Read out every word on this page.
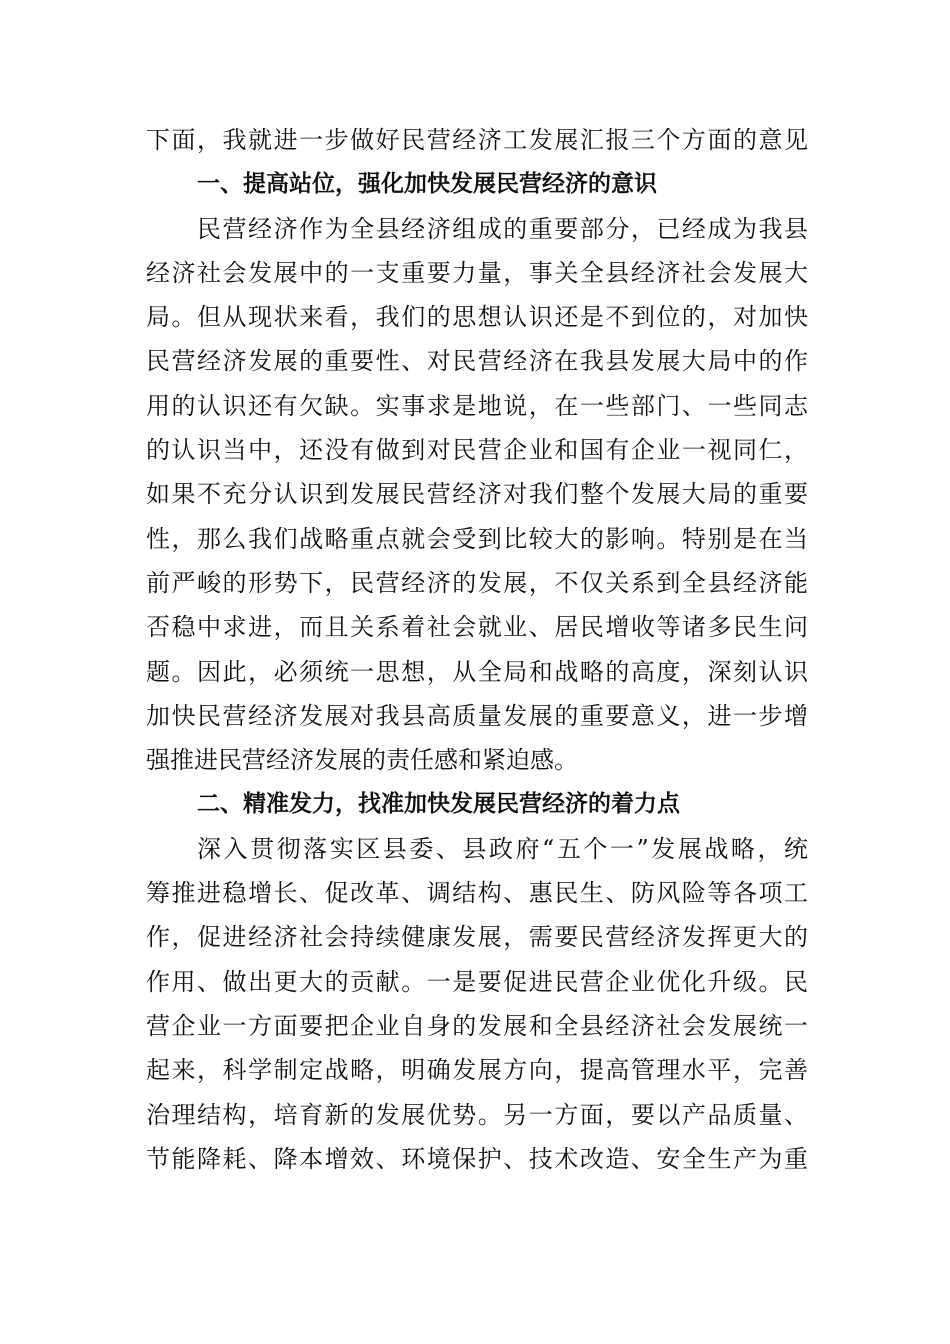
下面，我就进一步做好民营经济工发展汇报三个方面的意见
一、提高站位，强化加快发展民营经济的意识
民营经济作为全县经济组成的重要部分，已经成为我县
经济社会发展中的一支重要力量，事关全县经济社会发展大
局。但从现状来看，我们的思想认识还是不到位的，对加快
民营经济发展的重要性、对民营经济在我县发展大局中的作
用的认识还有欠缺。实事求是地说，在一些部门、一些同志
的认识当中，还没有做到对民营企业和国有企业一视同仁，
如果不充分认识到发展民营经济对我们整个发展大局的重要
性，那么我们战略重点就会受到比较大的影响。特别是在当
前严峻的形势下，民营经济的发展，不仅关系到全县经济能
否稳中求进，而且关系着社会就业、居民增收等诸多民生问
题。因此，必须统一思想，从全局和战略的高度，深刻认识
加快民营经济发展对我县高质量发展的重要意义，进一步增
强推进民营经济发展的责任感和紧迫感。
二、精准发力，找准加快发展民营经济的着力点
深入贯彻落实区县委、县政府“五个一”发展战略，统
筹推进稳增长、促改革、调结构、惠民生、防风险等各项工
作，促进经济社会持续健康发展，需要民营经济发挥更大的
作用、做出更大的贡献。一是要促进民营企业优化升级。民
营企业一方面要把企业自身的发展和全县经济社会发展统一
起来，科学制定战略，明确发展方向，提高管理水平，完善
治理结构，培育新的发展优势。另一方面，要以产品质量、
节能降耗、降本增效、环境保护、技术改造、安全生产为重
